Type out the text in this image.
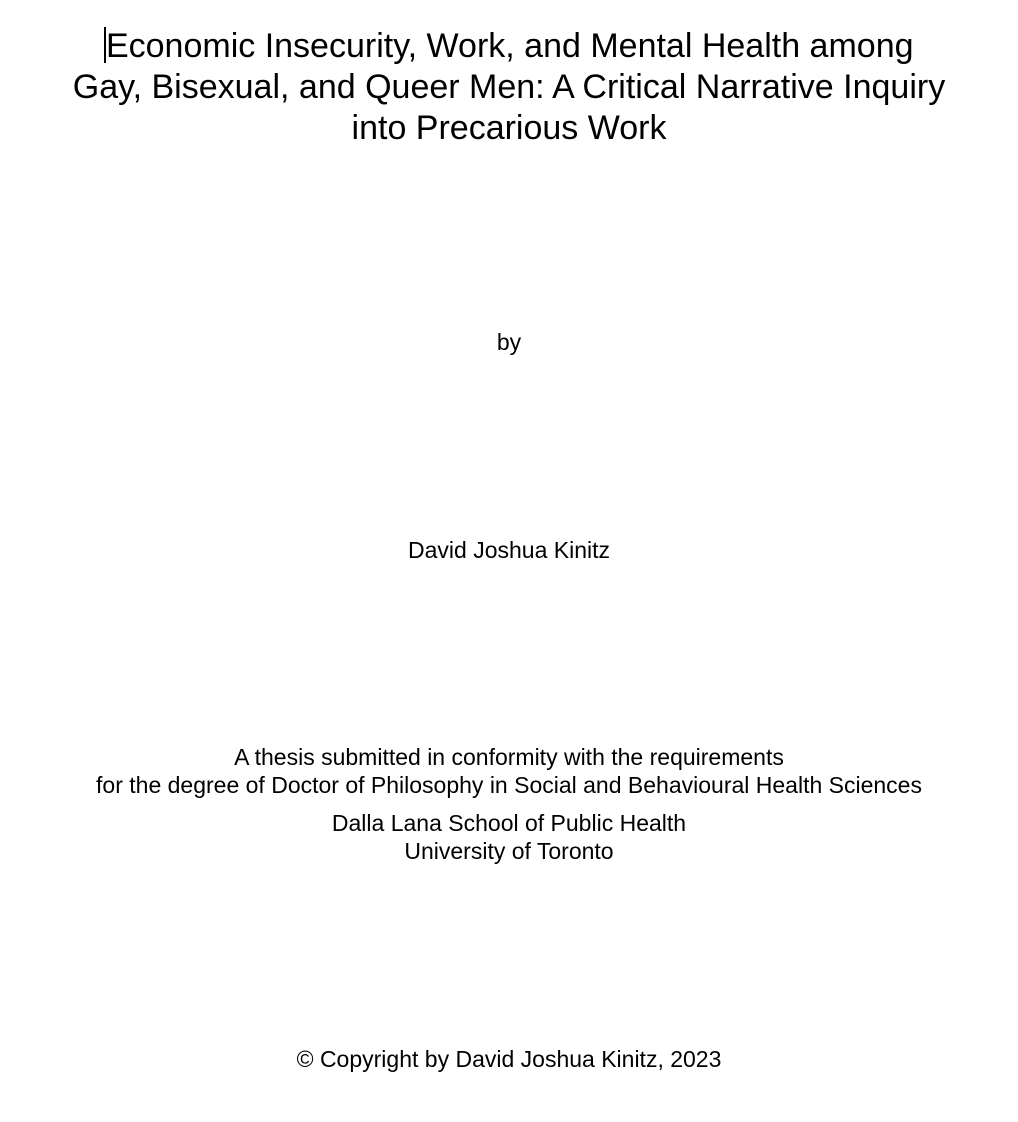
Economic Insecurity, Work, and Mental Health among
Gay, Bisexual, and Queer Men: A Critical Narrative Inquiry
into Precarious Work
by
David Joshua Kinitz
A thesis submitted in conformity with the requirements
for the degree of Doctor of Philosophy in Social and Behavioural Health Sciences
Dalla Lana School of Public Health
University of Toronto
© Copyright by David Joshua Kinitz, 2023
